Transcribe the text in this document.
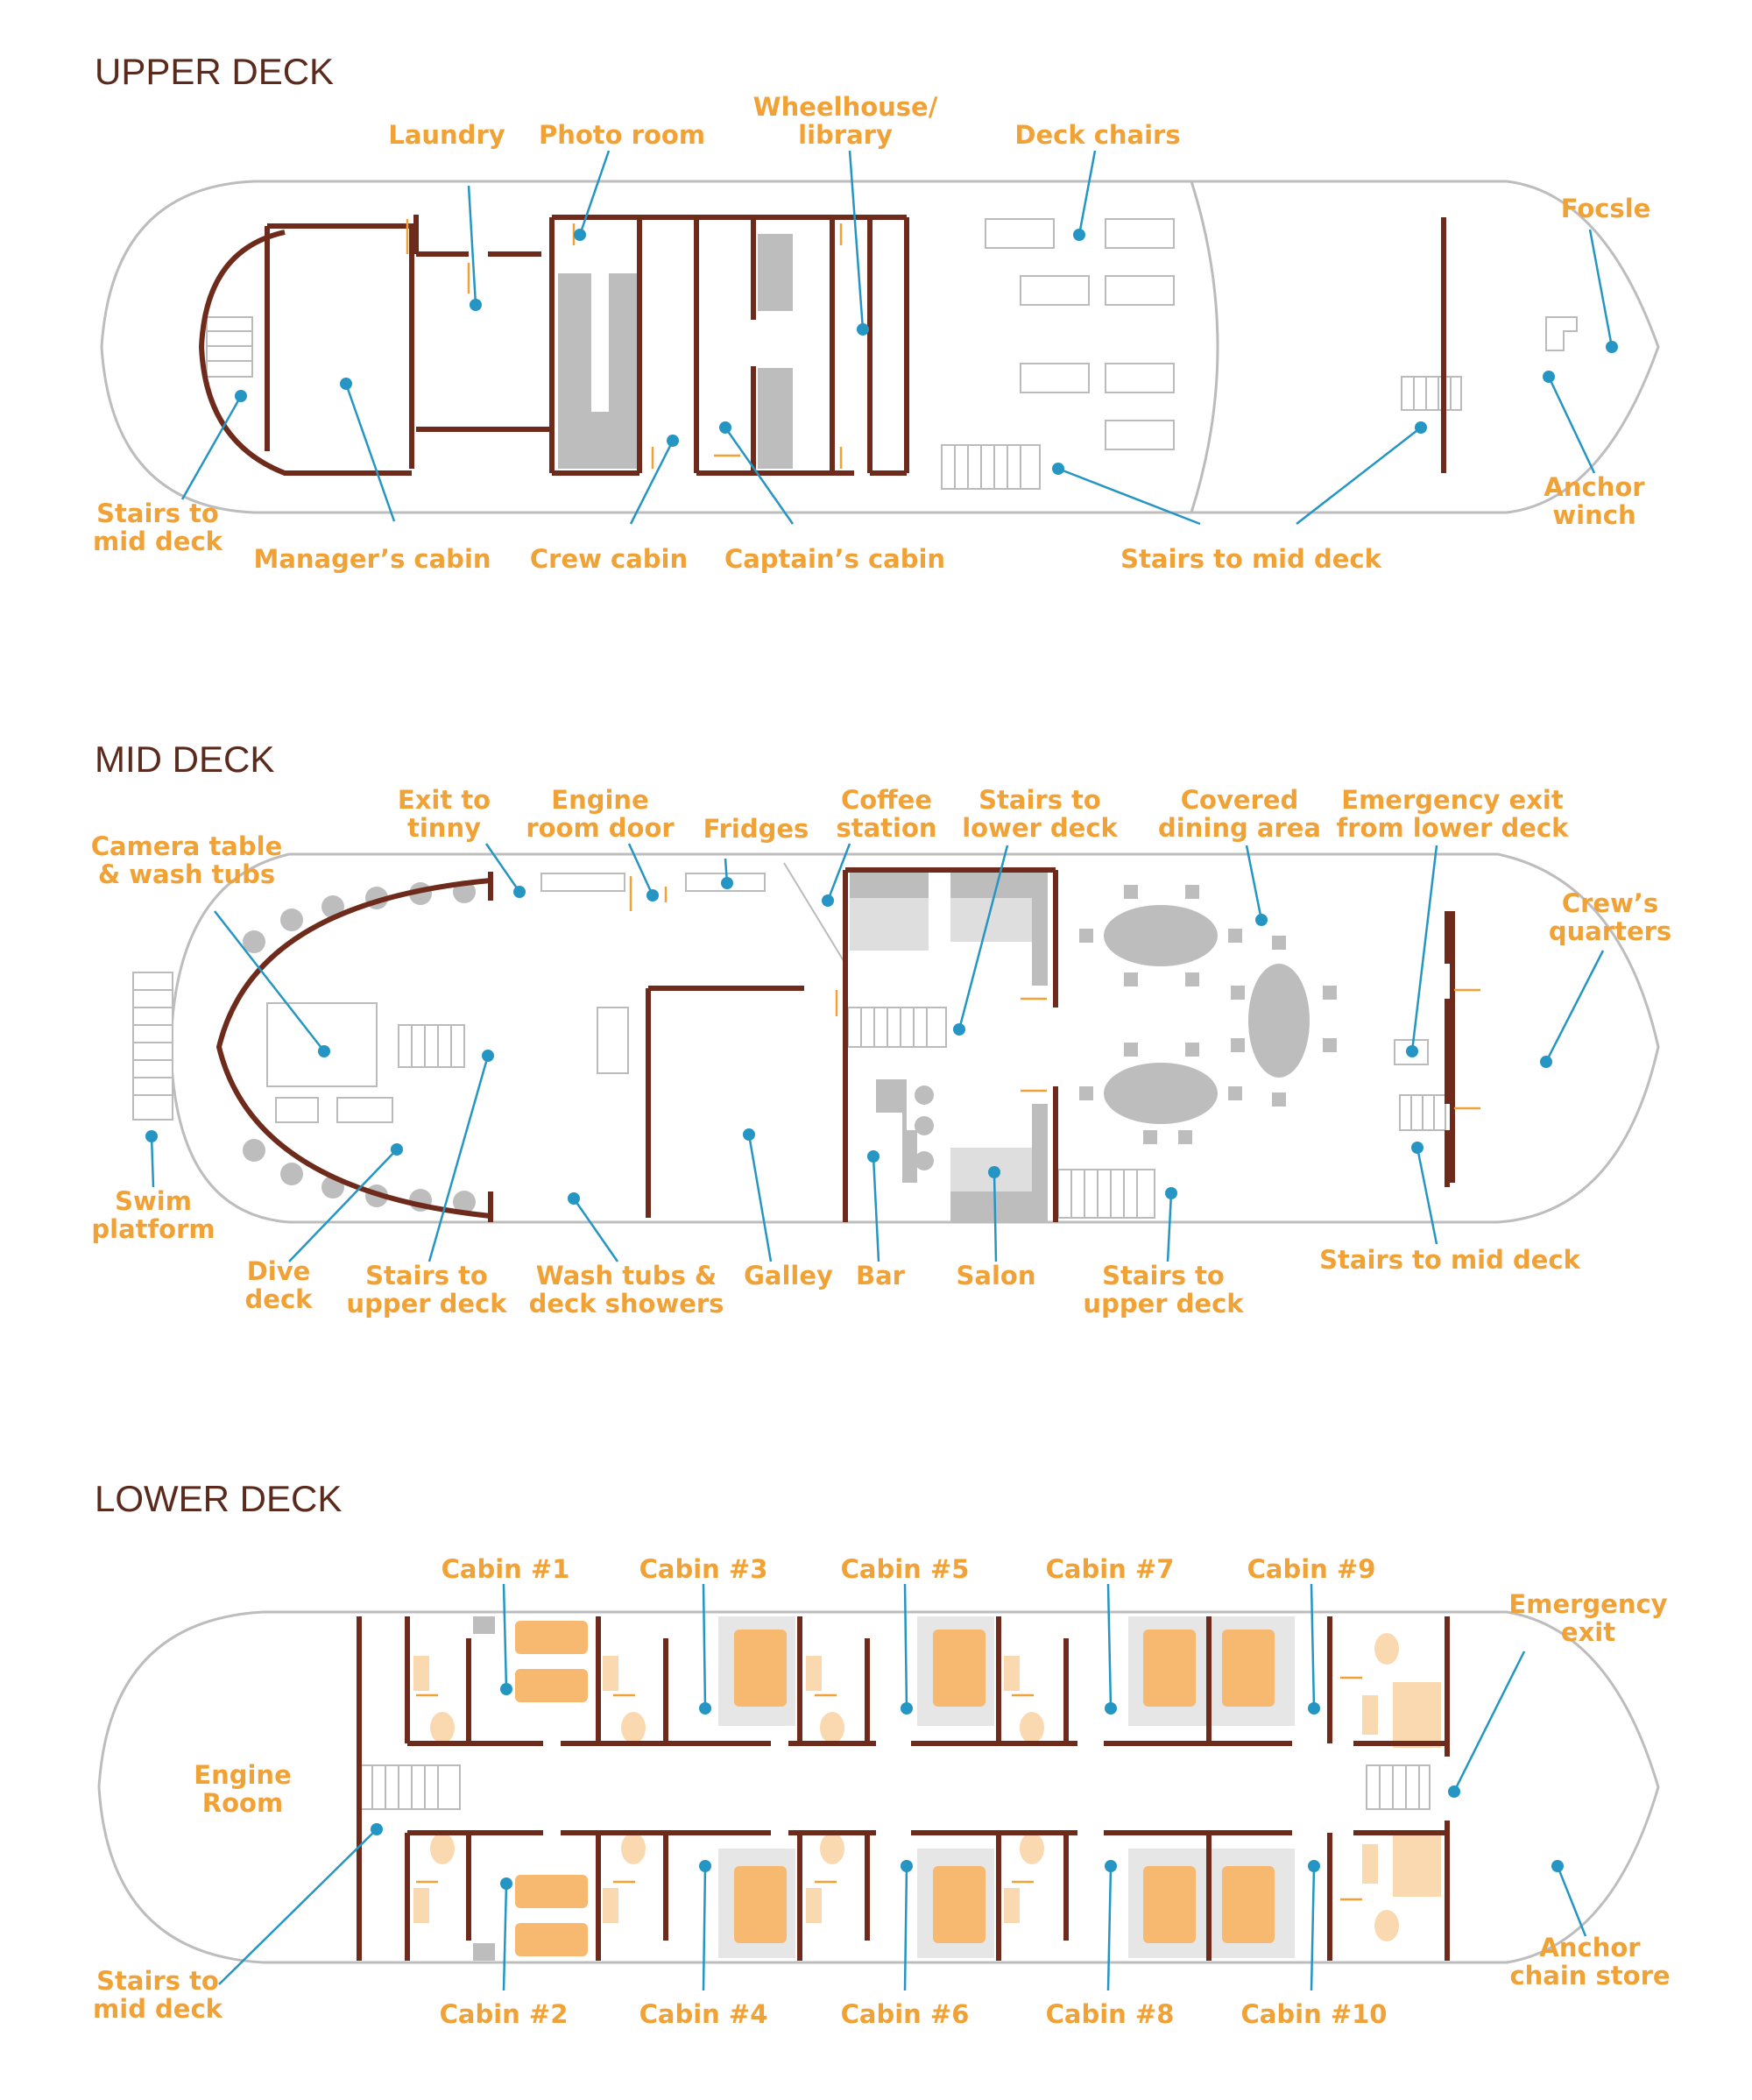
UPPER DECK
MID DECK
LOWER DECK
Laundry Photo room
Wheelhouse/
library	Deck chairs
Focsle
Stairs to
mid deck
Manager’s cabin Crew cabin Captain’s cabin	Stairs to mid deck
Anchor
winch
Camera table
& wash tubs
Exit to
tinny
Engine
room door Fridges
Coffee
station
Stairs to
lower deck
Covered
dining area
Emergency exit
from lower deck
Crew’s
quarters
Swim
platform
Dive
deck
Stairs to
upper deck
Wash tubs &
deck showers
Galley Bar Salon	Stairs to
upper deck
Stairs to mid deck
Cabin #1	Cabin #3	Cabin #5	Cabin #7	Cabin #9
Emergency
exit
Engine
Room
Stairs to
mid deck	Cabin #2	Cabin #4	Cabin #6	Cabin #8	Cabin #10
Anchor
chain store
